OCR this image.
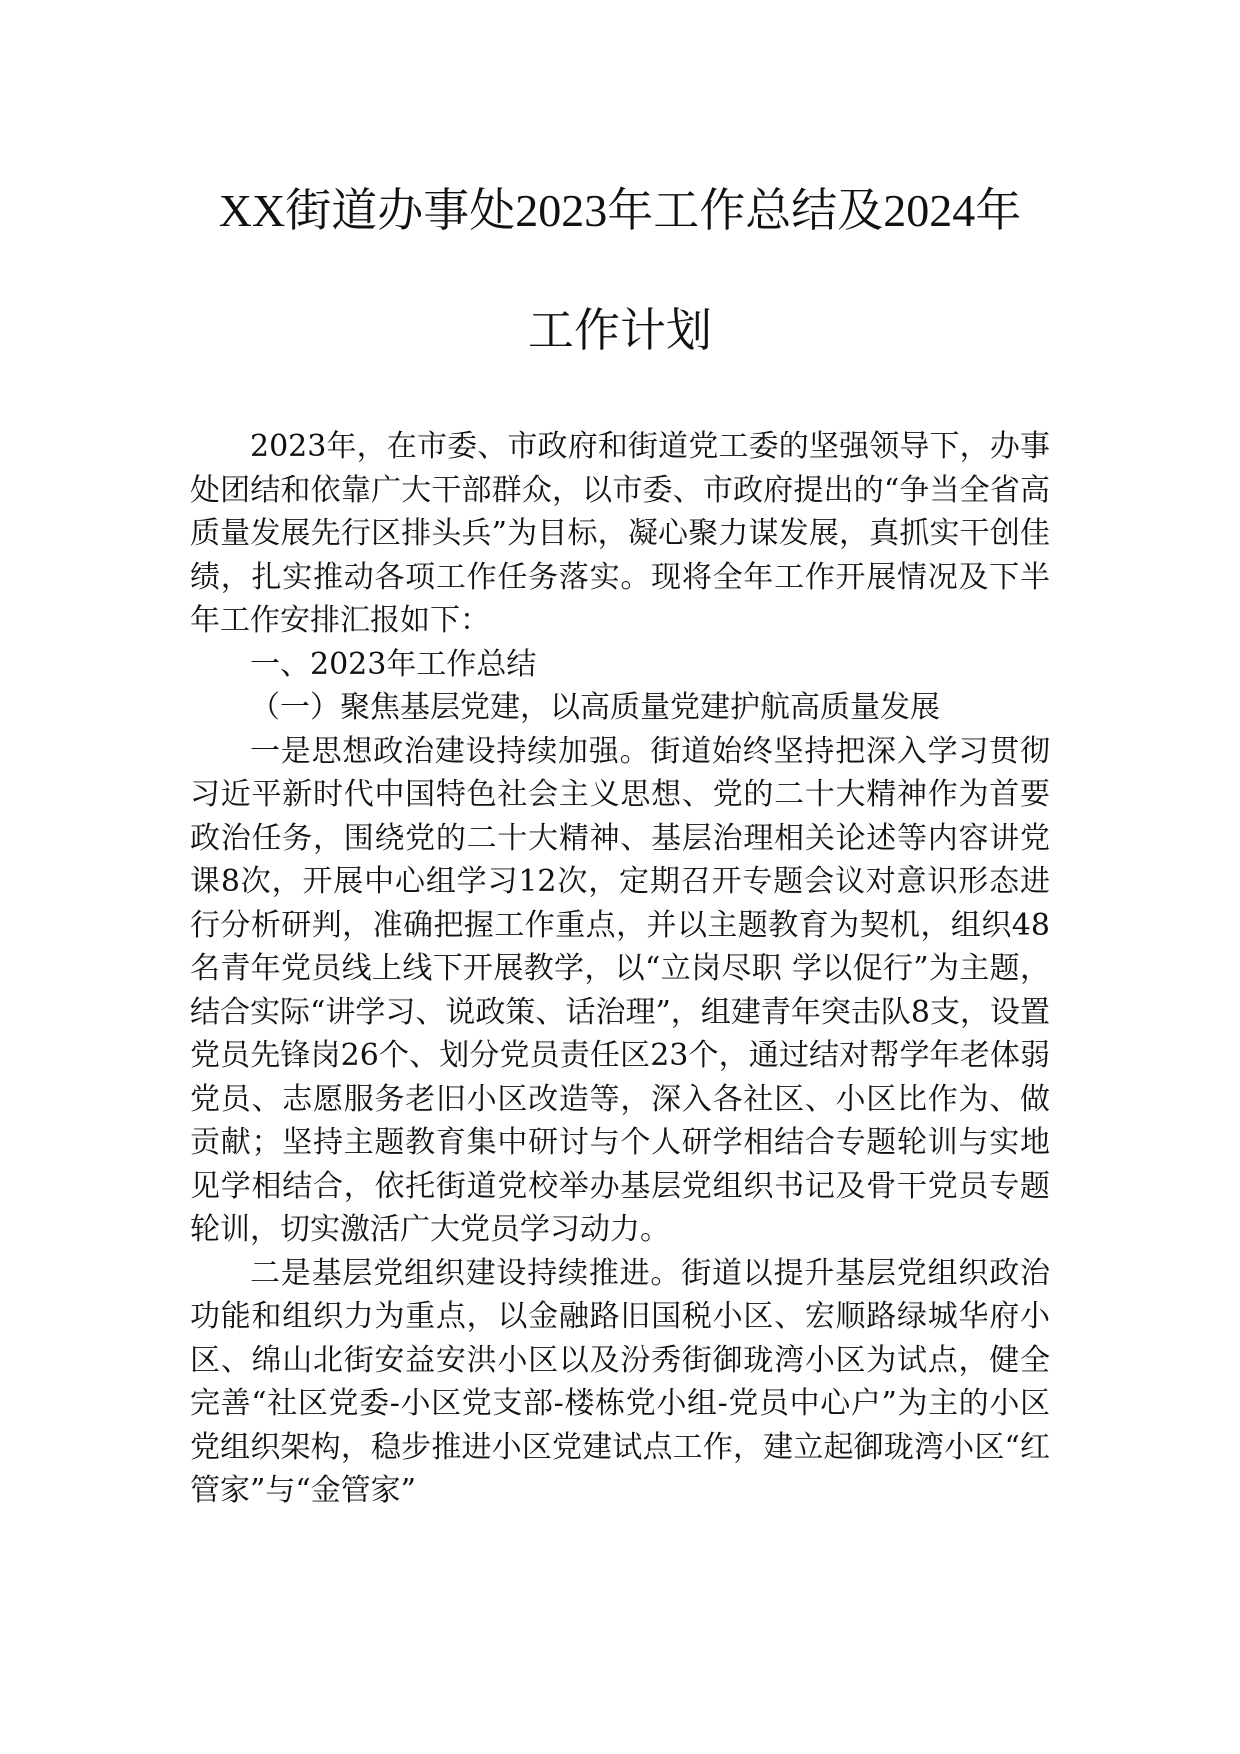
XX街道办事处2023年工作总结及2024年
工作计划

2023年，在市委、市政府和街道党工委的坚强领导下，办事处团结和依靠广大干部群众，以市委、市政府提出的“争当全省高质量发展先行区排头兵”为目标，凝心聚力谋发展，真抓实干创佳绩，扎实推动各项工作任务落实。现将全年工作开展情况及下半年工作安排汇报如下：

一、2023年工作总结

（一）聚焦基层党建，以高质量党建护航高质量发展

一是思想政治建设持续加强。街道始终坚持把深入学习贯彻习近平新时代中国特色社会主义思想、党的二十大精神作为首要政治任务，围绕党的二十大精神、基层治理相关论述等内容讲党课8次，开展中心组学习12次，定期召开专题会议对意识形态进行分析研判，准确把握工作重点，并以主题教育为契机，组织48名青年党员线上线下开展教学，以“立岗尽职 学以促行”为主题，结合实际“讲学习、说政策、话治理”，组建青年突击队8支，设置党员先锋岗26个、划分党员责任区23个，通过结对帮学年老体弱党员、志愿服务老旧小区改造等，深入各社区、小区比作为、做贡献；坚持主题教育集中研讨与个人研学相结合专题轮训与实地见学相结合，依托街道党校举办基层党组织书记及骨干党员专题轮训，切实激活广大党员学习动力。

二是基层党组织建设持续推进。街道以提升基层党组织政治功能和组织力为重点，以金融路旧国税小区、宏顺路绿城华府小区、绵山北街安益安洪小区以及汾秀街御珑湾小区为试点，健全完善“社区党委-小区党支部-楼栋党小组-党员中心户”为主的小区党组织架构，稳步推进小区党建试点工作，建立起御珑湾小区“红管家”与“金管家”
